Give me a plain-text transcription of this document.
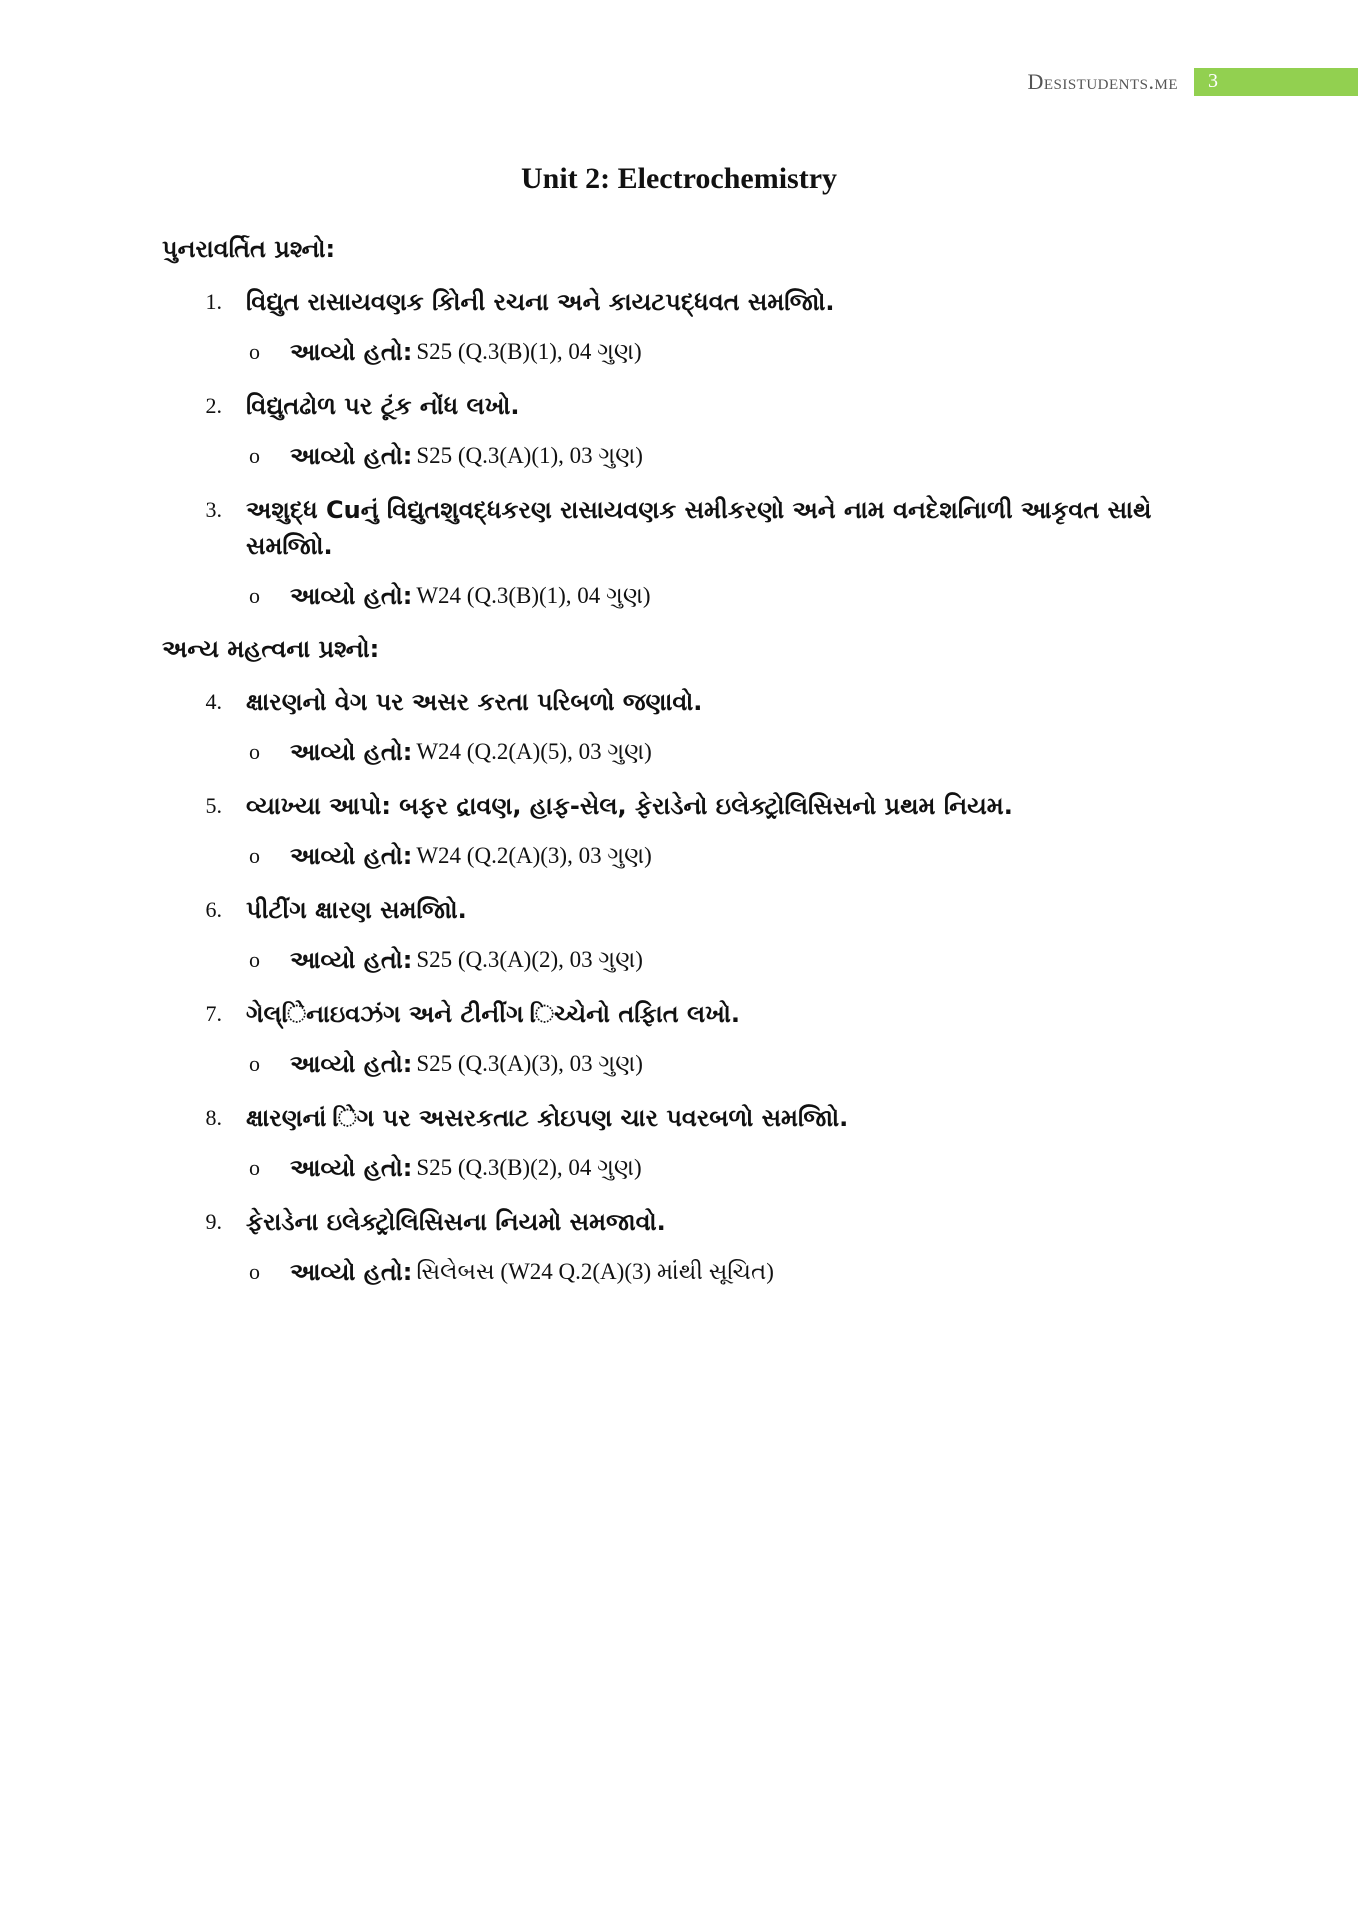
Desistudents.me	3
Unit 2: Electrochemistry
પુનરાવર્તિત પ્રશ્નો:
1.	વિદ્યુત રાસાયવણક કોિની રચના અને કાયટપદ્ધવત સમજાિો.
o	આવ્યો હતો:
S25 (Q.3(B)(1), 04 ગુણ)
2.	વિદ્યુતઢોળ પર ટૂંક નોંધ લખો.
o	આવ્યો હતો:
S25 (Q.3(A)(1), 03 ગુણ)
3.	અશુદ્ધ Cuનું વિદ્યુતશુવદ્ધકરણ રાસાયવણક સમીકરણો અને નામ વનદેશનિાળી આકૃવત સાથે સમજાિો.
o	આવ્યો હતો:
W24 (Q.3(B)(1), 04 ગુણ)
અન્ય મહત્વના પ્રશ્નો:
4.	ક્ષારણનો વેગ પર અસર કરતા પરિબળો જણાવો.
o	આવ્યો હતો:
W24 (Q.2(A)(5), 03 ગુણ)
5.	વ્યાખ્યા આપો: બફર દ્રાવણ, હાફ-સેલ, ફેરાડેનો ઇલેક્ટ્રોલિસિસનો પ્રથમ નિયમ.
o	આવ્યો હતો:
W24 (Q.2(A)(3), 03 ગુણ)
6.	પીટીંગ ક્ષારણ સમજાિો.
o	આવ્યો હતો:
S25 (Q.3(A)(2), 03 ગુણ)
7.	ગેલ્િેનાઇવઝંગ અને ટીનીંગ િચ્ચેનો તફાિત લખો.
o	આવ્યો હતો:
S25 (Q.3(A)(3), 03 ગુણ)
8.	ક્ષારણનાં િેગ પર અસરકતાટ કોઇપણ ચાર પવરબળો સમજાિો.
o	આવ્યો હતો:
S25 (Q.3(B)(2), 04 ગુણ)
9.	ફેરાડેના ઇલેક્ટ્રોલિસિસના નિયમો સમજાવો.
o	આવ્યો હતો:
સિલેબસ (W24 Q.2(A)(3) માંથી સૂચિત)
